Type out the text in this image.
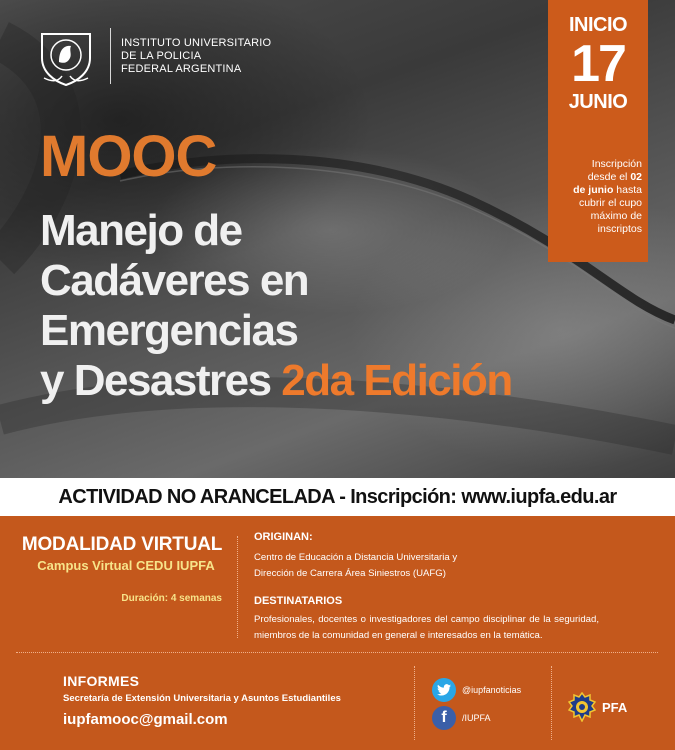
INSTITUTO UNIVERSITARIO
DE LA POLICIA
FEDERAL ARGENTINA
MOOC
Manejo de
Cadáveres en
Emergencias
y Desastres 2da Edición
INICIO
17
JUNIO
Inscripción
desde el 02
de junio hasta
cubrir el cupo
máximo de
inscriptos
ACTIVIDAD NO ARANCELADA - Inscripción: www.iupfa.edu.ar
MODALIDAD VIRTUAL
Campus Virtual CEDU IUPFA
Duración: 4 semanas
ORIGINAN:
Centro de Educación a Distancia Universitaria y
Dirección de Carrera Área Siniestros (UAFG)
DESTINATARIOS
Profesionales, docentes o investigadores del campo disciplinar de la seguridad, miembros de la comunidad en general e interesados en la temática.
INFORMES
Secretaría de Extensión Universitaria y Asuntos Estudiantiles
iupfamooc@gmail.com
@iupfanoticias
f	/IUPFA
PFA
